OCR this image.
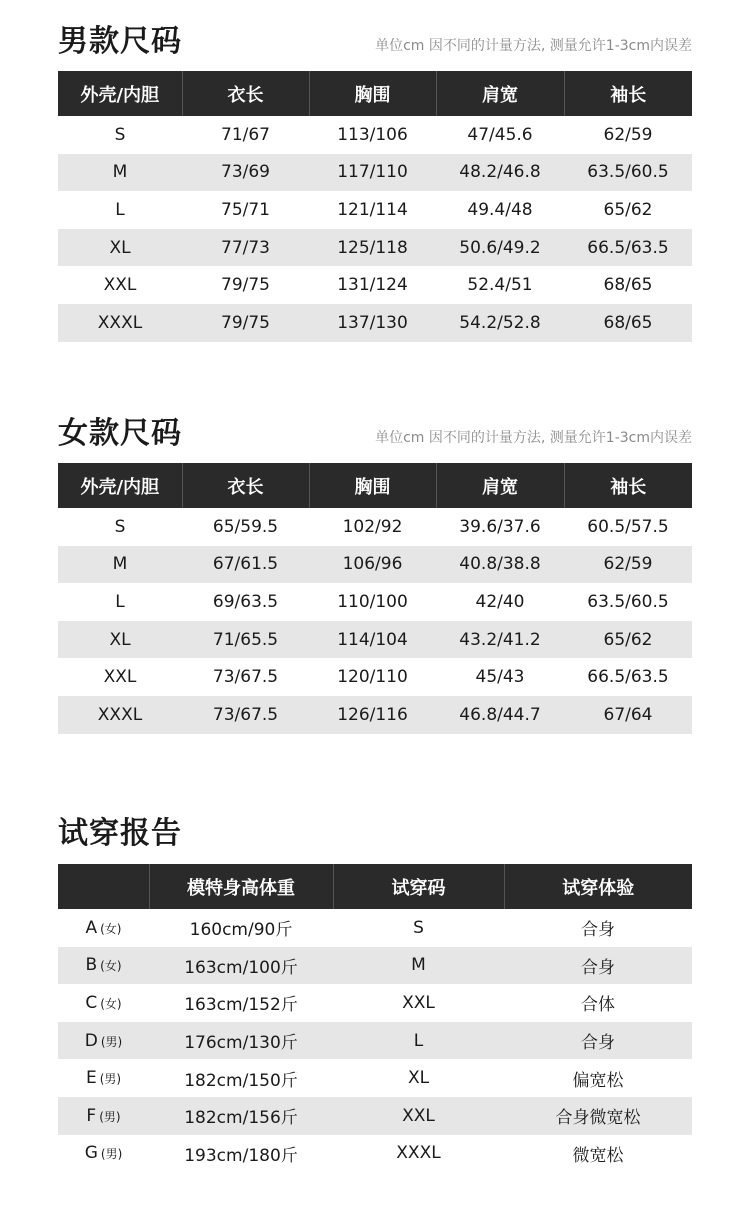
男款尺码	单位cm 因不同的计量方法, 测量允许1-3cm内误差
外壳/内胆	衣长	胸围	肩宽	袖长
S	71/67	113/106	47/45.6	62/59
M	73/69	117/110	48.2/46.8	63.5/60.5
L	75/71	121/114	49.4/48	65/62
XL	77/73	125/118	50.6/49.2	66.5/63.5
XXL	79/75	131/124	52.4/51	68/65
XXXL	79/75	137/130	54.2/52.8	68/65
女款尺码	单位cm 因不同的计量方法, 测量允许1-3cm内误差
外壳/内胆	衣长	胸围	肩宽	袖长
S	65/59.5	102/92	39.6/37.6	60.5/57.5
M	67/61.5	106/96	40.8/38.8	62/59
L	69/63.5	110/100	42/40	63.5/60.5
XL	71/65.5	114/104	43.2/41.2	65/62
XXL	73/67.5	120/110	45/43	66.5/63.5
XXXL	73/67.5	126/116	46.8/44.7	67/64
试穿报告
	模特身高体重	试穿码	试穿体验
A (女)	160cm/90斤	S	合身
B (女)	163cm/100斤	M	合身
C (女)	163cm/152斤	XXL	合体
D (男)	176cm/130斤	L	合身
E (男)	182cm/150斤	XL	偏宽松
F (男)	182cm/156斤	XXL	合身微宽松
G (男)	193cm/180斤	XXXL	微宽松
